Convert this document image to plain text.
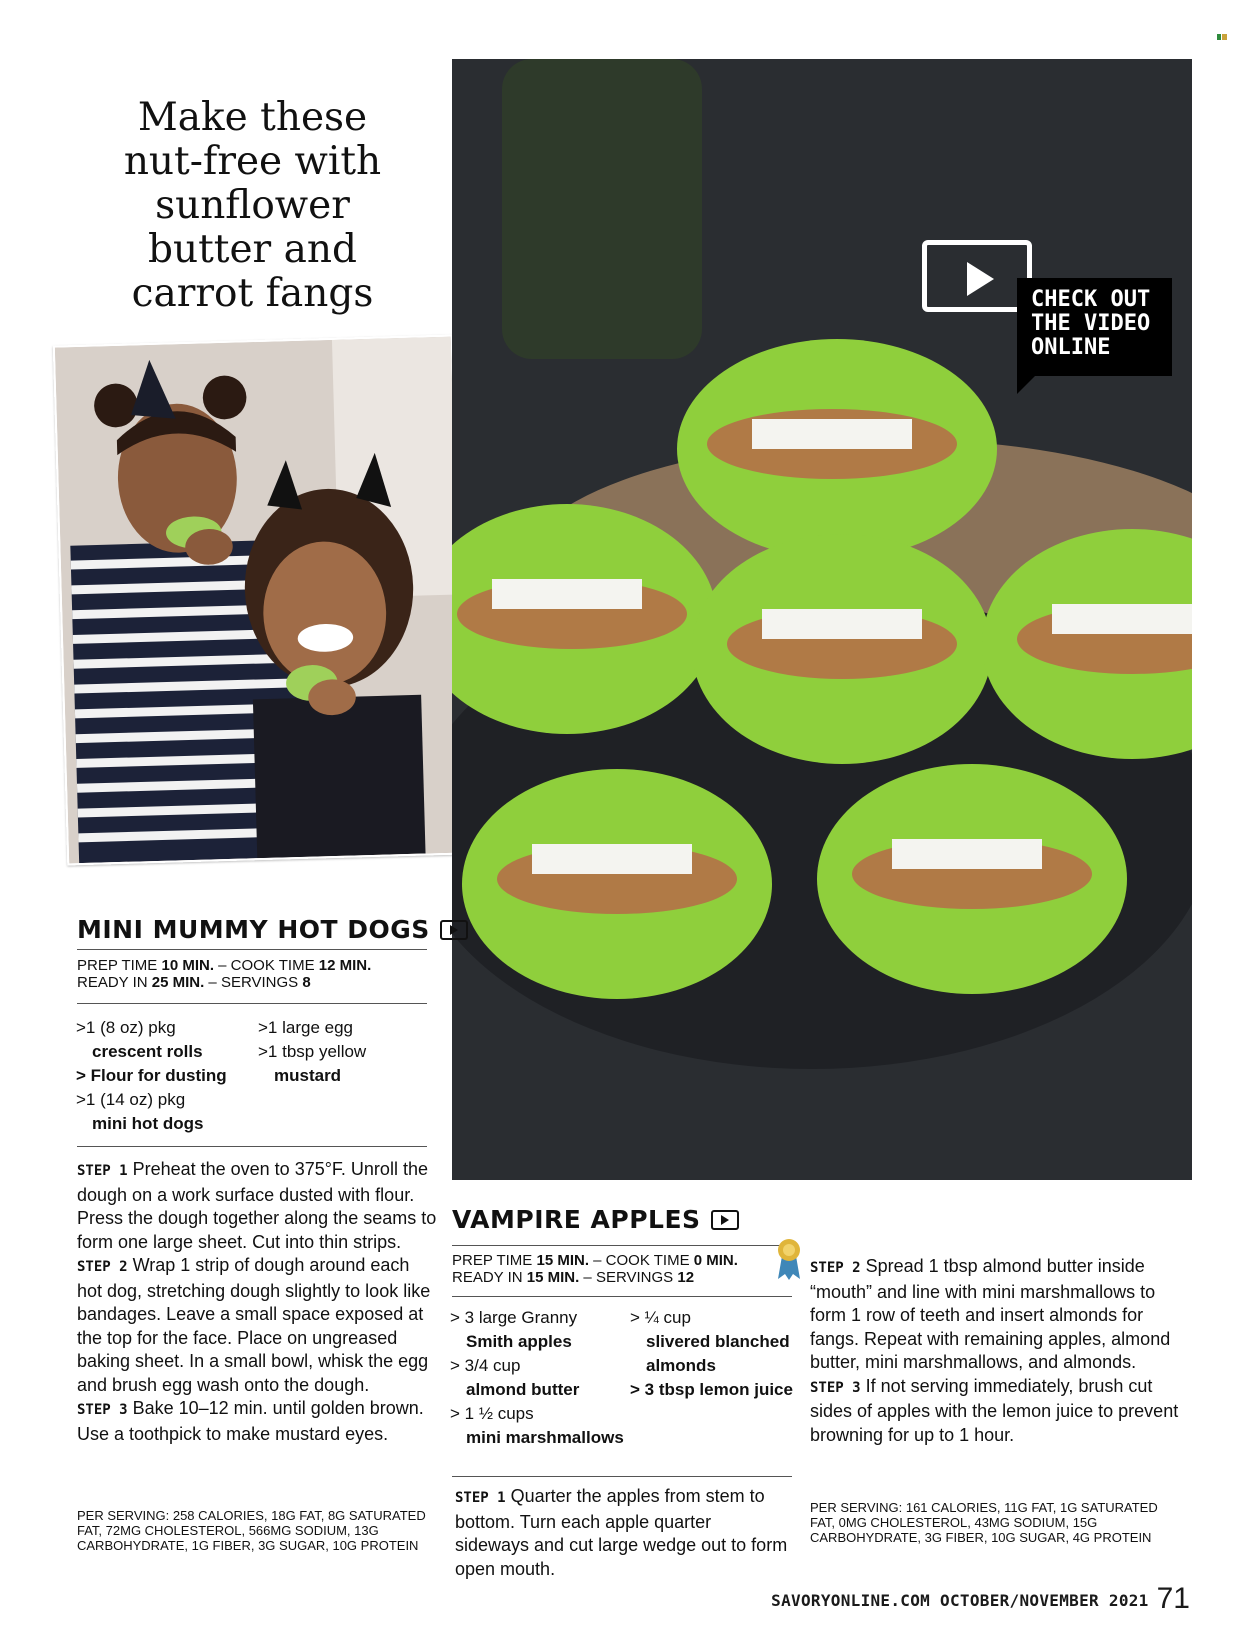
Make these
nut-free with
sunflower
butter and
carrot fangs	CHECK OUT
THE VIDEO
ONLINE
MINI MUMMY HOT DOGS
PREP TIME 10 MIN. – COOK TIME 12 MIN.
READY IN 25 MIN. – SERVINGS 8
>1 (8 oz) pkg
crescent rolls
> Flour for dusting
>1 (14 oz) pkg
mini hot dogs
>1 large egg
>1 tbsp yellow
mustard

STEP 1 Preheat the oven to 375°F. Unroll the dough on a work surface dusted with flour. Press the dough together along the seams to form one large sheet. Cut into thin strips.

STEP 2 Wrap 1 strip of dough around each hot dog, stretching dough slightly to look like bandages. Leave a small space exposed at the top for the face. Place on ungreased baking sheet. In a small bowl, whisk the egg and brush egg wash onto the dough.

STEP 3 Bake 10–12 min. until golden brown. Use a toothpick to make mustard eyes.

PER SERVING: 258 CALORIES, 18G FAT, 8G SATURATED FAT, 72MG CHOLESTEROL, 566MG SODIUM, 13G CARBOHYDRATE, 1G FIBER, 3G SUGAR, 10G PROTEIN
VAMPIRE APPLES
PREP TIME 15 MIN. – COOK TIME 0 MIN.
READY IN 15 MIN. – SERVINGS 12
> 3 large Granny
Smith apples
> 3/4 cup
almond butter
> 1 ½ cups
mini marshmallows
> ¼ cup
slivered blanched almonds
> 3 tbsp lemon juice

STEP 1 Quarter the apples from stem to bottom. Turn each apple quarter sideways and cut large wedge out to form open mouth.

STEP 2 Spread 1 tbsp almond butter inside “mouth” and line with mini marshmallows to form 1 row of teeth and insert almonds for fangs. Repeat with remaining apples, almond butter, mini marshmallows, and almonds.

STEP 3 If not serving immediately, brush cut sides of apples with the lemon juice to prevent browning for up to 1 hour.

PER SERVING: 161 CALORIES, 11G FAT, 1G SATURATED FAT, 0MG CHOLESTEROL, 43MG SODIUM, 15G CARBOHYDRATE, 3G FIBER, 10G SUGAR, 4G PROTEIN
SAVORYONLINE.COM OCTOBER/NOVEMBER 2021 71
